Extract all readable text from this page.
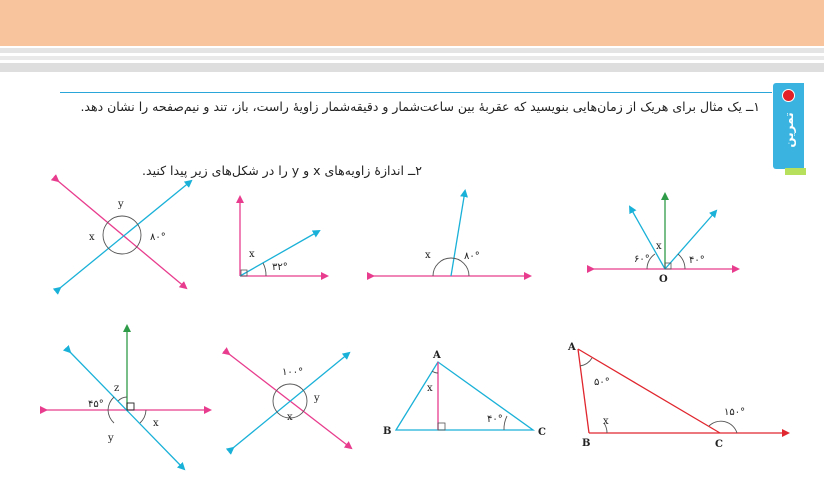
تمرین
۱ــ یک مثال برای هریک از زمان‌هایی بنویسید که عقربهٔ بین ساعت‌شمار و دقیقه‌شمار زاویهٔ راست، باز، تند و نیم‌صفحه را نشان دهد.
۲ــ اندازهٔ زاویه‌های x و y را در شکل‌های زیر پیدا کنید.
y
x	۸۰°
x
۳۲°
x	۸۰°
x
۶۰°	۴۰°
O
z
۴۵°
x
y
۱۰۰°
y
x
A
B	C
x
۴۰°
A
B	C
۵۰°
x
۱۵۰°
